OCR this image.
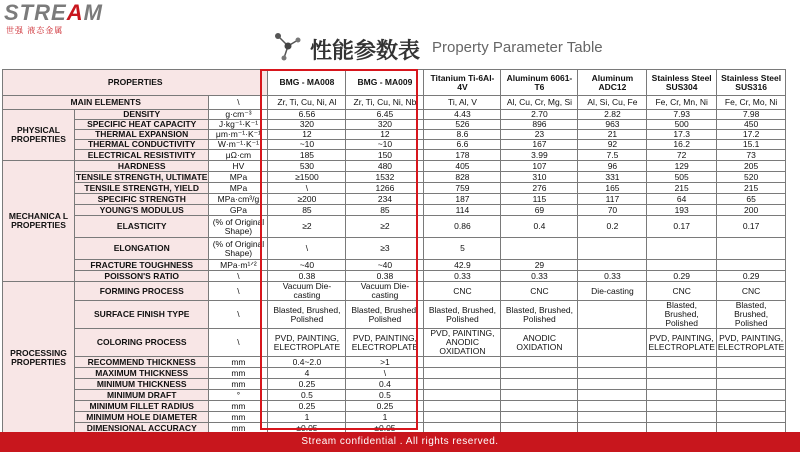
STREAM
世强 液态金属
性能参数表 Property Parameter Table
PROPERTIES			BMG - MA008	BMG - MA009	Titanium Ti-6Al-4V	Aluminum 6061-T6	Aluminum ADC12	Stainless Steel SUS304	Stainless Steel SUS316
MAIN ELEMENTS		\	Zr, Ti, Cu, Ni, Al	Zr, Ti, Cu, Ni, Nb	Ti, Al, V	Al, Cu, Cr, Mg, Si	Al, Si, Cu, Fe	Fe, Cr, Mn, Ni	Fe, Cr, Mo, Ni
PHYSICAL PROPERTIES	DENSITY	g·cm⁻³	6.56	6.45	4.43	2.70	2.82	7.93	7.98
	SPECIFIC HEAT CAPACITY	J·kg⁻¹·K⁻¹	320	320	526	896	963	500	450
	THERMAL EXPANSION	μm·m⁻¹·K⁻¹	12	12	8.6	23	21	17.3	17.2
	THERMAL CONDUCTIVITY	W·m⁻¹·K⁻¹	~10	~10	6.6	167	92	16.2	15.1
	ELECTRICAL RESISTIVITY	μΩ·cm	185	150	178	3.99	7.5	72	73
MECHANICA L PROPERTIES	HARDNESS	HV	530	480	405	107	96	129	205
	TENSILE STRENGTH, ULTIMATE	MPa	≥1500	1532	828	310	331	505	520
	TENSILE STRENGTH, YIELD	MPa	\	1266	759	276	165	215	215
	SPECIFIC STRENGTH	MPa·cm³/g	≥200	234	187	115	117	64	65
	YOUNG'S MODULUS	GPa	85	85	114	69	70	193	200
	ELASTICITY	(% of Original Shape)	≥2	≥2	0.86	0.4	0.2	0.17	0.17
	ELONGATION	(% of Original Shape)	\	≥3	5				
	FRACTURE TOUGHNESS	MPa·m¹ᐟ²	~40	~40	42.9	29			
	POISSON'S RATIO	\	0.38	0.38	0.33	0.33	0.33	0.29	0.29
PROCESSING PROPERTIES	FORMING PROCESS	\	Vacuum Die-casting	Vacuum Die-casting	CNC	CNC	Die-casting	CNC	CNC
	SURFACE FINISH TYPE	\	Blasted, Brushed, Polished	Blasted, Brushed, Polished	Blasted, Brushed, Polished	Blasted, Brushed, Polished		Blasted, Brushed, Polished	Blasted, Brushed, Polished
	COLORING PROCESS	\	PVD, PAINTING, ELECTROPLATE	PVD, PAINTING, ELECTROPLATE	PVD, PAINTING, ANODIC OXIDATION	ANODIC OXIDATION		PVD, PAINTING, ELECTROPLATE	PVD, PAINTING, ELECTROPLATE
	RECOMMEND THICKNESS	mm	0.4~2.0	>1					
	MAXIMUM THICKNESS	mm	4	\					
	MINIMUM THICKNESS	mm	0.25	0.4					
	MINIMUM DRAFT	°	0.5	0.5					
	MINIMUM FILLET RADIUS	mm	0.25	0.25					
	MINIMUM HOLE DIAMETER	mm	1	1					
	DIMENSIONAL ACCURACY	mm	±0.05	±0.05					
Stream confidential . All rights reserved.
